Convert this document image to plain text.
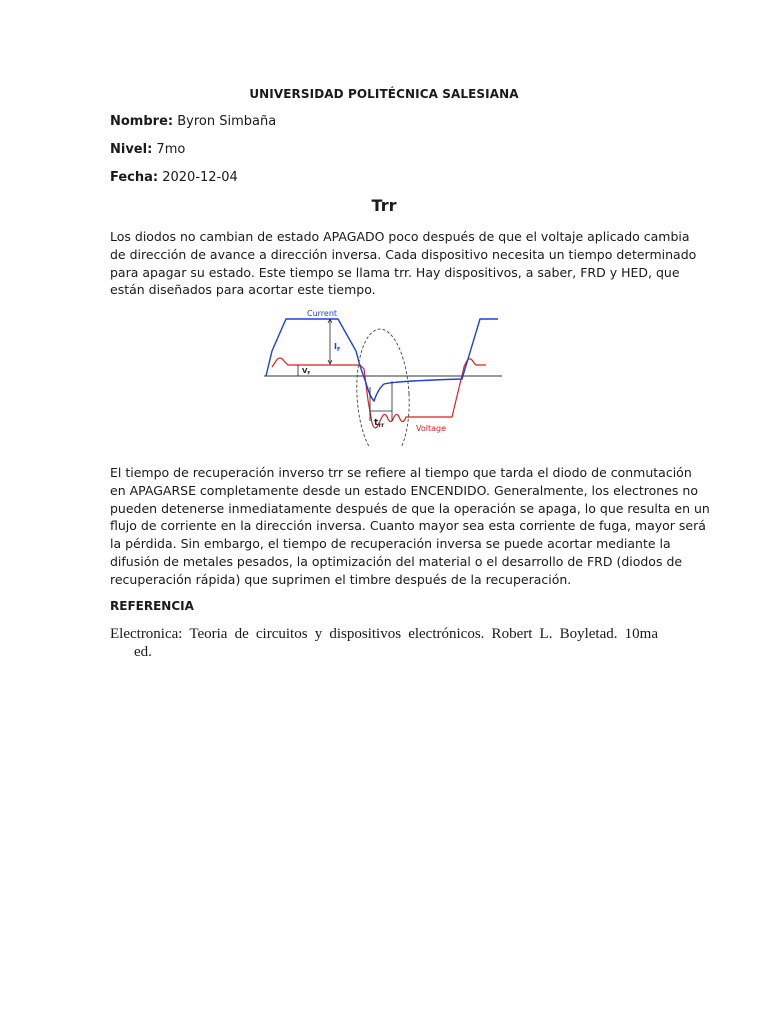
UNIVERSIDAD POLITÉCNICA SALESIANA
Nombre: Byron Simbaña
Nivel: 7mo
Fecha: 2020-12-04
Trr
Los diodos no cambian de estado APAGADO poco después de que el voltaje aplicado cambia
de dirección de avance a dirección inversa. Cada dispositivo necesita un tiempo determinado
para apagar su estado. Este tiempo se llama trr. Hay dispositivos, a saber, FRD y HED, que
están diseñados para acortar este tiempo.
Current
$I_F$
$V_F$
$t_{rr}$	Voltage
El tiempo de recuperación inverso trr se refiere al tiempo que tarda el diodo de conmutación
en APAGARSE completamente desde un estado ENCENDIDO. Generalmente, los electrones no
pueden detenerse inmediatamente después de que la operación se apaga, lo que resulta en un
flujo de corriente en la dirección inversa. Cuanto mayor sea esta corriente de fuga, mayor será
la pérdida. Sin embargo, el tiempo de recuperación inversa se puede acortar mediante la
difusión de metales pesados, la optimización del material o el desarrollo de FRD (diodos de
recuperación rápida) que suprimen el timbre después de la recuperación.
REFERENCIA
Electronica: Teoria de circuitos y dispositivos electrónicos. Robert L. Boyletad. 10ma
ed.
